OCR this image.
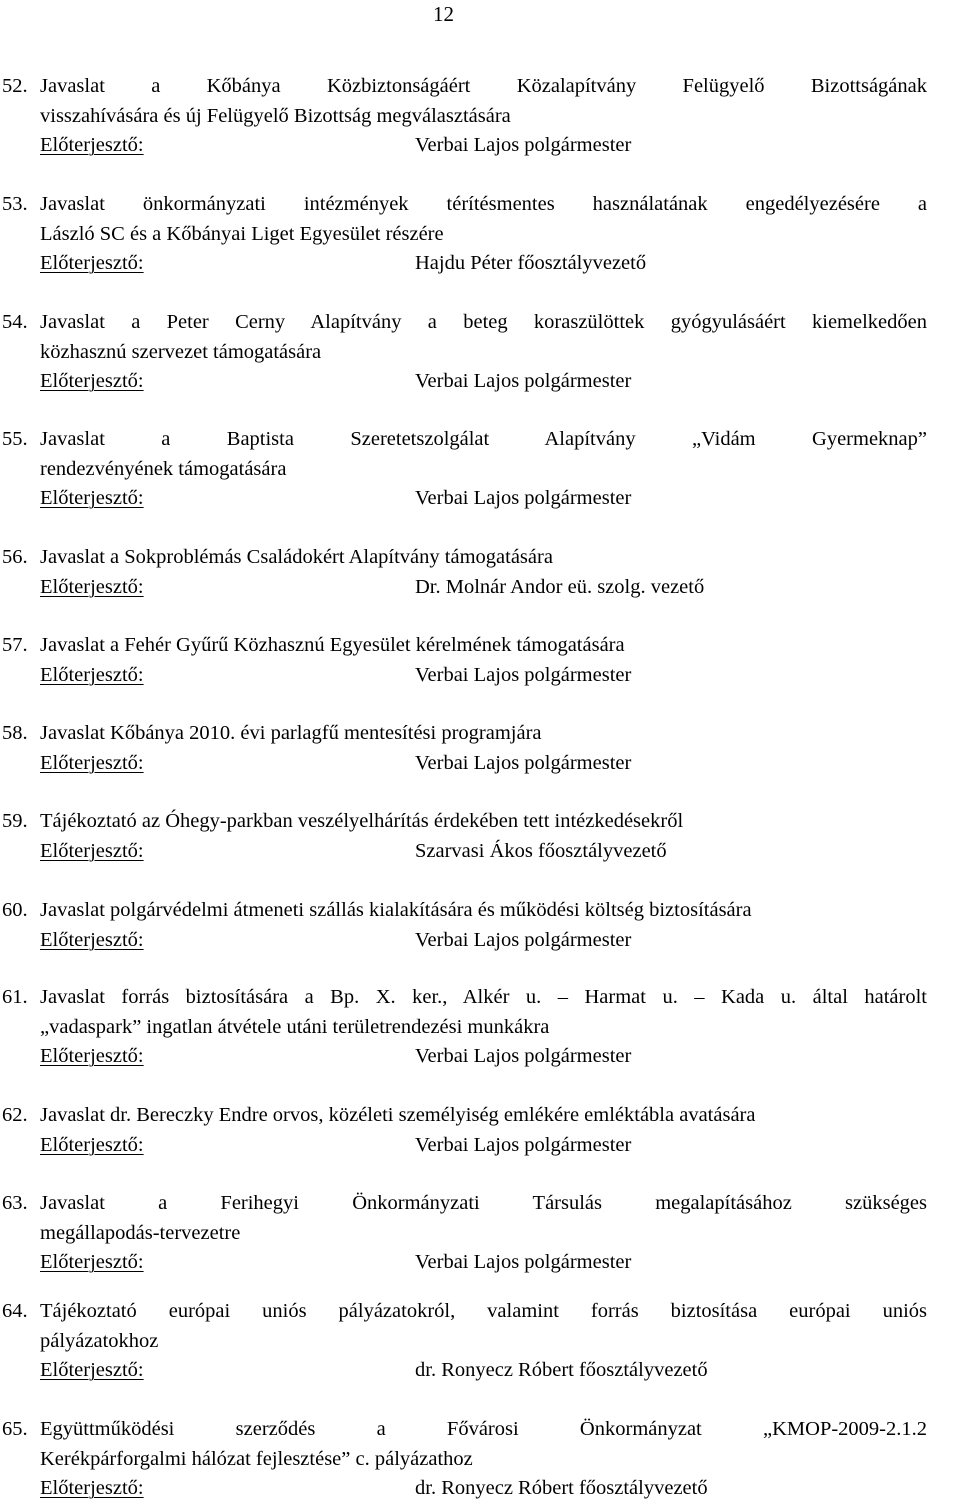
12
52. Javaslat a Kőbánya Közbiztonságáért Közalapítvány Felügyelő Bizottságának
visszahívására és új Felügyelő Bizottság megválasztására
Előterjesztő:	Verbai Lajos polgármester
53. Javaslat önkormányzati intézmények térítésmentes használatának engedélyezésére a
László SC és a Kőbányai Liget Egyesület részére
Előterjesztő:	Hajdu Péter főosztályvezető
54. Javaslat a Peter Cerny Alapítvány a beteg koraszülöttek gyógyulásáért kiemelkedően
közhasznú szervezet támogatására
Előterjesztő:	Verbai Lajos polgármester
55. Javaslat a Baptista Szeretetszolgálat Alapítvány „Vidám Gyermeknap”
rendezvényének támogatására
Előterjesztő:	Verbai Lajos polgármester
56. Javaslat a Sokproblémás Családokért Alapítvány támogatására
Előterjesztő:	Dr. Molnár Andor eü. szolg. vezető
57. Javaslat a Fehér Gyűrű Közhasznú Egyesület kérelmének támogatására
Előterjesztő:	Verbai Lajos polgármester
58. Javaslat Kőbánya 2010. évi parlagfű mentesítési programjára
Előterjesztő:	Verbai Lajos polgármester
59. Tájékoztató az Óhegy-parkban veszélyelhárítás érdekében tett intézkedésekről
Előterjesztő:	Szarvasi Ákos főosztályvezető
60. Javaslat polgárvédelmi átmeneti szállás kialakítására és működési költség biztosítására
Előterjesztő:	Verbai Lajos polgármester
61. Javaslat forrás biztosítására a Bp. X. ker., Alkér u. – Harmat u. – Kada u. által határolt
„vadaspark” ingatlan átvétele utáni területrendezési munkákra
Előterjesztő:	Verbai Lajos polgármester
62. Javaslat dr. Bereczky Endre orvos, közéleti személyiség emlékére emléktábla avatására
Előterjesztő:	Verbai Lajos polgármester
63. Javaslat a Ferihegyi Önkormányzati Társulás megalapításához szükséges
megállapodás-tervezetre
Előterjesztő:	Verbai Lajos polgármester
64. Tájékoztató európai uniós pályázatokról, valamint forrás biztosítása európai uniós
pályázatokhoz
Előterjesztő:	dr. Ronyecz Róbert főosztályvezető
65. Együttműködési szerződés a Fővárosi Önkormányzat „KMOP-2009-2.1.2
Kerékpárforgalmi hálózat fejlesztése” c. pályázathoz
Előterjesztő:	dr. Ronyecz Róbert főosztályvezető
